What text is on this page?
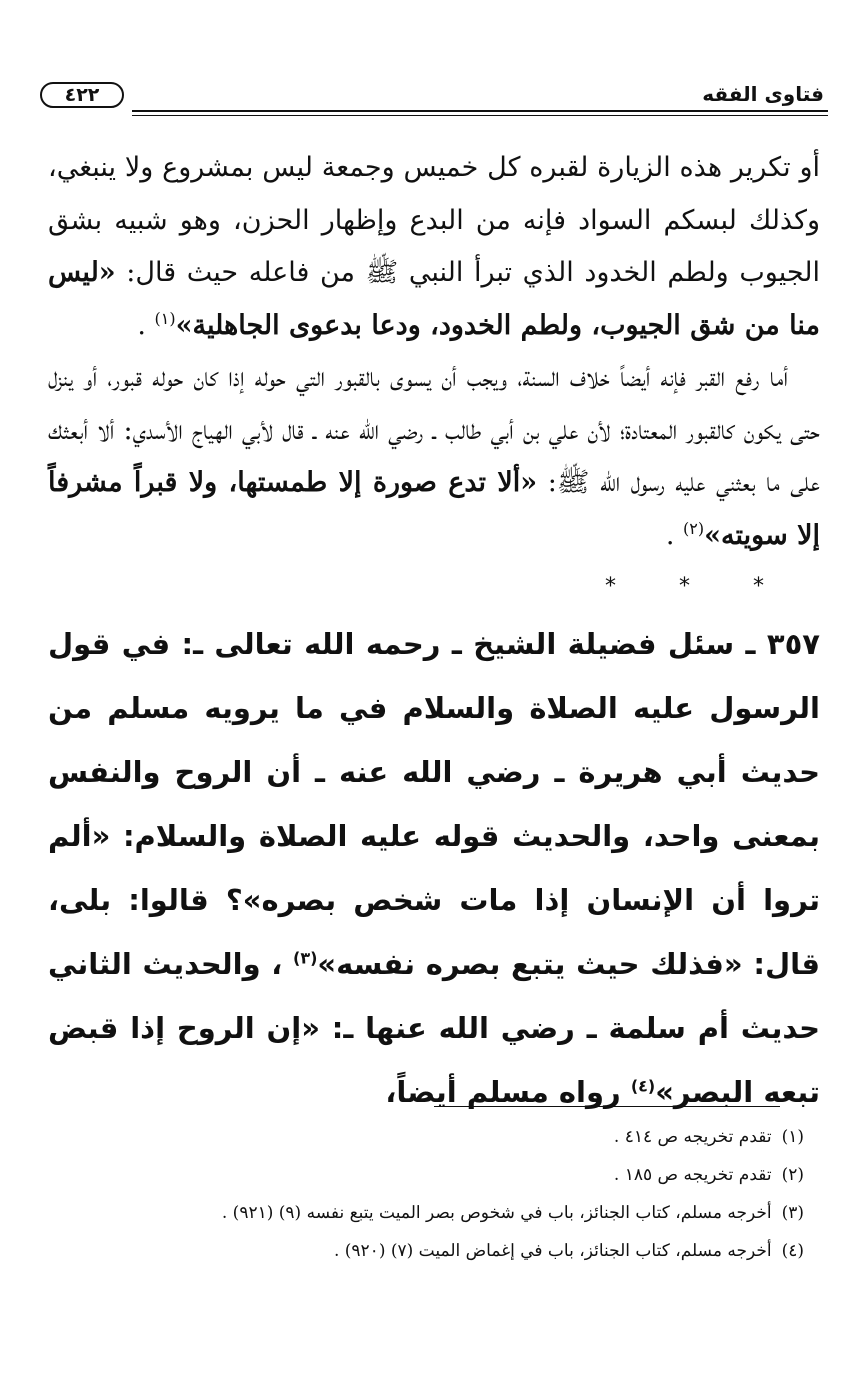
فتاوى الفقه
٤٢٢

أو تكرير هذه الزيارة لقبره كل خميس وجمعة ليس بمشروع ولا ينبغي، وكذلك لبسكم السواد فإنه من البدع وإظهار الحزن، وهو شبيه بشق الجيوب ولطم الخدود الذي تبرأ النبي ﷺ من فاعله حيث قال: «ليس منا من شق الجيوب، ولطم الخدود، ودعا بدعوى الجاهلية»$^{(١)}$ .

أما رفع القبر فإنه أيضاً خلاف السنة، ويجب أن يسوى بالقبور التي حوله إذا كان حوله قبور، أو ينزل حتى يكون كالقبور المعتادة؛ لأن علي بن أبي طالب ـ رضي الله عنه ـ قال لأبي الهياج الأسدي: ألا أبعثك على ما بعثني عليه رسول الله ﷺ: «ألا تدع صورة إلا طمستها، ولا قبراً مشرفاً إلا سويته»$^{(٢)}$ .

* * *

٣٥٧ ـ سئل فضيلة الشيخ ـ رحمه الله تعالى ـ: في قول الرسول عليه الصلاة والسلام في ما يرويه مسلم من حديث أبي هريرة ـ رضي الله عنه ـ أن الروح والنفس بمعنى واحد، والحديث قوله عليه الصلاة والسلام: «ألم تروا أن الإنسان إذا مات شخص بصره»؟ قالوا: بلى، قال: «فذلك حيث يتبع بصره نفسه»$^{(٣)}$ ، والحديث الثاني حديث أم سلمة ـ رضي الله عنها ـ: «إن الروح إذا قبض تبعه البصر»$^{(٤)}$ رواه مسلم أيضاً،

(١)تقدم تخريجه ص ٤١٤ .

(٢)تقدم تخريجه ص ١٨٥ .

(٣)أخرجه مسلم، كتاب الجنائز، باب في شخوص بصر الميت يتبع نفسه (٩) (٩٢١) .

(٤)أخرجه مسلم، كتاب الجنائز، باب في إغماض الميت (٧) (٩٢٠) .
